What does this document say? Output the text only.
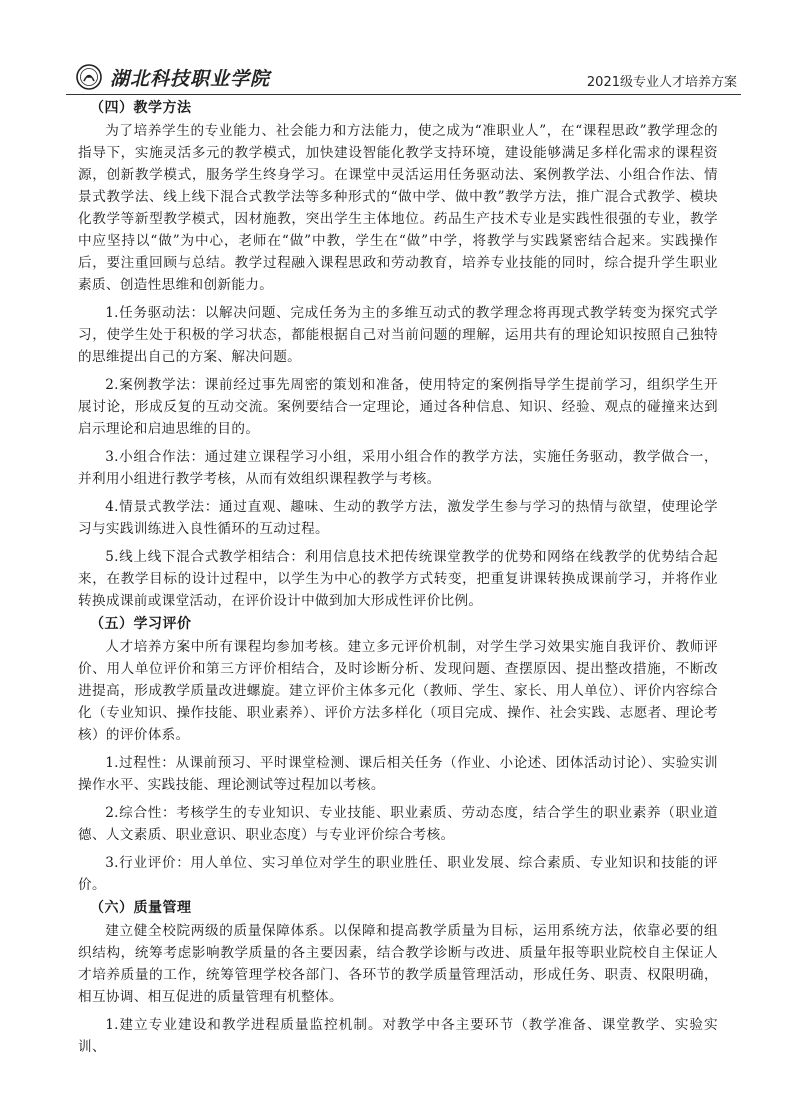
湖北科技职业学院	2021级专业人才培养方案
（四）教学方法

为了培养学生的专业能力、社会能力和方法能力，使之成为“准职业人”，在“课程思政”教学理念的指导下，实施灵活多元的教学模式，加快建设智能化教学支持环境，建设能够满足多样化需求的课程资源，创新教学模式，服务学生终身学习。在课堂中灵活运用任务驱动法、案例教学法、小组合作法、情景式教学法、线上线下混合式教学法等多种形式的“做中学、做中教”教学方法，推广混合式教学、模块化教学等新型教学模式，因材施教，突出学生主体地位。药品生产技术专业是实践性很强的专业，教学中应坚持以“做”为中心，老师在“做”中教，学生在“做”中学，将教学与实践紧密结合起来。实践操作后，要注重回顾与总结。教学过程融入课程思政和劳动教育，培养专业技能的同时，综合提升学生职业素质、创造性思维和创新能力。

1.任务驱动法：以解决问题、完成任务为主的多维互动式的教学理念将再现式教学转变为探究式学习，使学生处于积极的学习状态，都能根据自己对当前问题的理解，运用共有的理论知识按照自己独特的思维提出自己的方案、解决问题。

2.案例教学法：课前经过事先周密的策划和准备，使用特定的案例指导学生提前学习，组织学生开展讨论，形成反复的互动交流。案例要结合一定理论，通过各种信息、知识、经验、观点的碰撞来达到启示理论和启迪思维的目的。

3.小组合作法：通过建立课程学习小组，采用小组合作的教学方法，实施任务驱动，教学做合一，并利用小组进行教学考核，从而有效组织课程教学与考核。

4.情景式教学法：通过直观、趣味、生动的教学方法，激发学生参与学习的热情与欲望，使理论学习与实践训练进入良性循环的互动过程。

5.线上线下混合式教学相结合：利用信息技术把传统课堂教学的优势和网络在线教学的优势结合起来，在教学目标的设计过程中，以学生为中心的教学方式转变，把重复讲课转换成课前学习，并将作业转换成课前或课堂活动，在评价设计中做到加大形成性评价比例。

（五）学习评价

人才培养方案中所有课程均参加考核。建立多元评价机制，对学生学习效果实施自我评价、教师评价、用人单位评价和第三方评价相结合，及时诊断分析、发现问题、查摆原因、提出整改措施，不断改进提高，形成教学质量改进螺旋。建立评价主体多元化（教师、学生、家长、用人单位）、评价内容综合化（专业知识、操作技能、职业素养）、评价方法多样化（项目完成、操作、社会实践、志愿者、理论考核）的评价体系。

1.过程性：从课前预习、平时课堂检测、课后相关任务（作业、小论述、团体活动讨论）、实验实训操作水平、实践技能、理论测试等过程加以考核。

2.综合性：考核学生的专业知识、专业技能、职业素质、劳动态度，结合学生的职业素养（职业道德、人文素质、职业意识、职业态度）与专业评价综合考核。

3.行业评价：用人单位、实习单位对学生的职业胜任、职业发展、综合素质、专业知识和技能的评价。

（六）质量管理

建立健全校院两级的质量保障体系。以保障和提高教学质量为目标，运用系统方法，依靠必要的组织结构，统筹考虑影响教学质量的各主要因素，结合教学诊断与改进、质量年报等职业院校自主保证人才培养质量的工作，统筹管理学校各部门、各环节的教学质量管理活动，形成任务、职责、权限明确，相互协调、相互促进的质量管理有机整体。

1.建立专业建设和教学进程质量监控机制。对教学中各主要环节（教学准备、课堂教学、实验实训、
